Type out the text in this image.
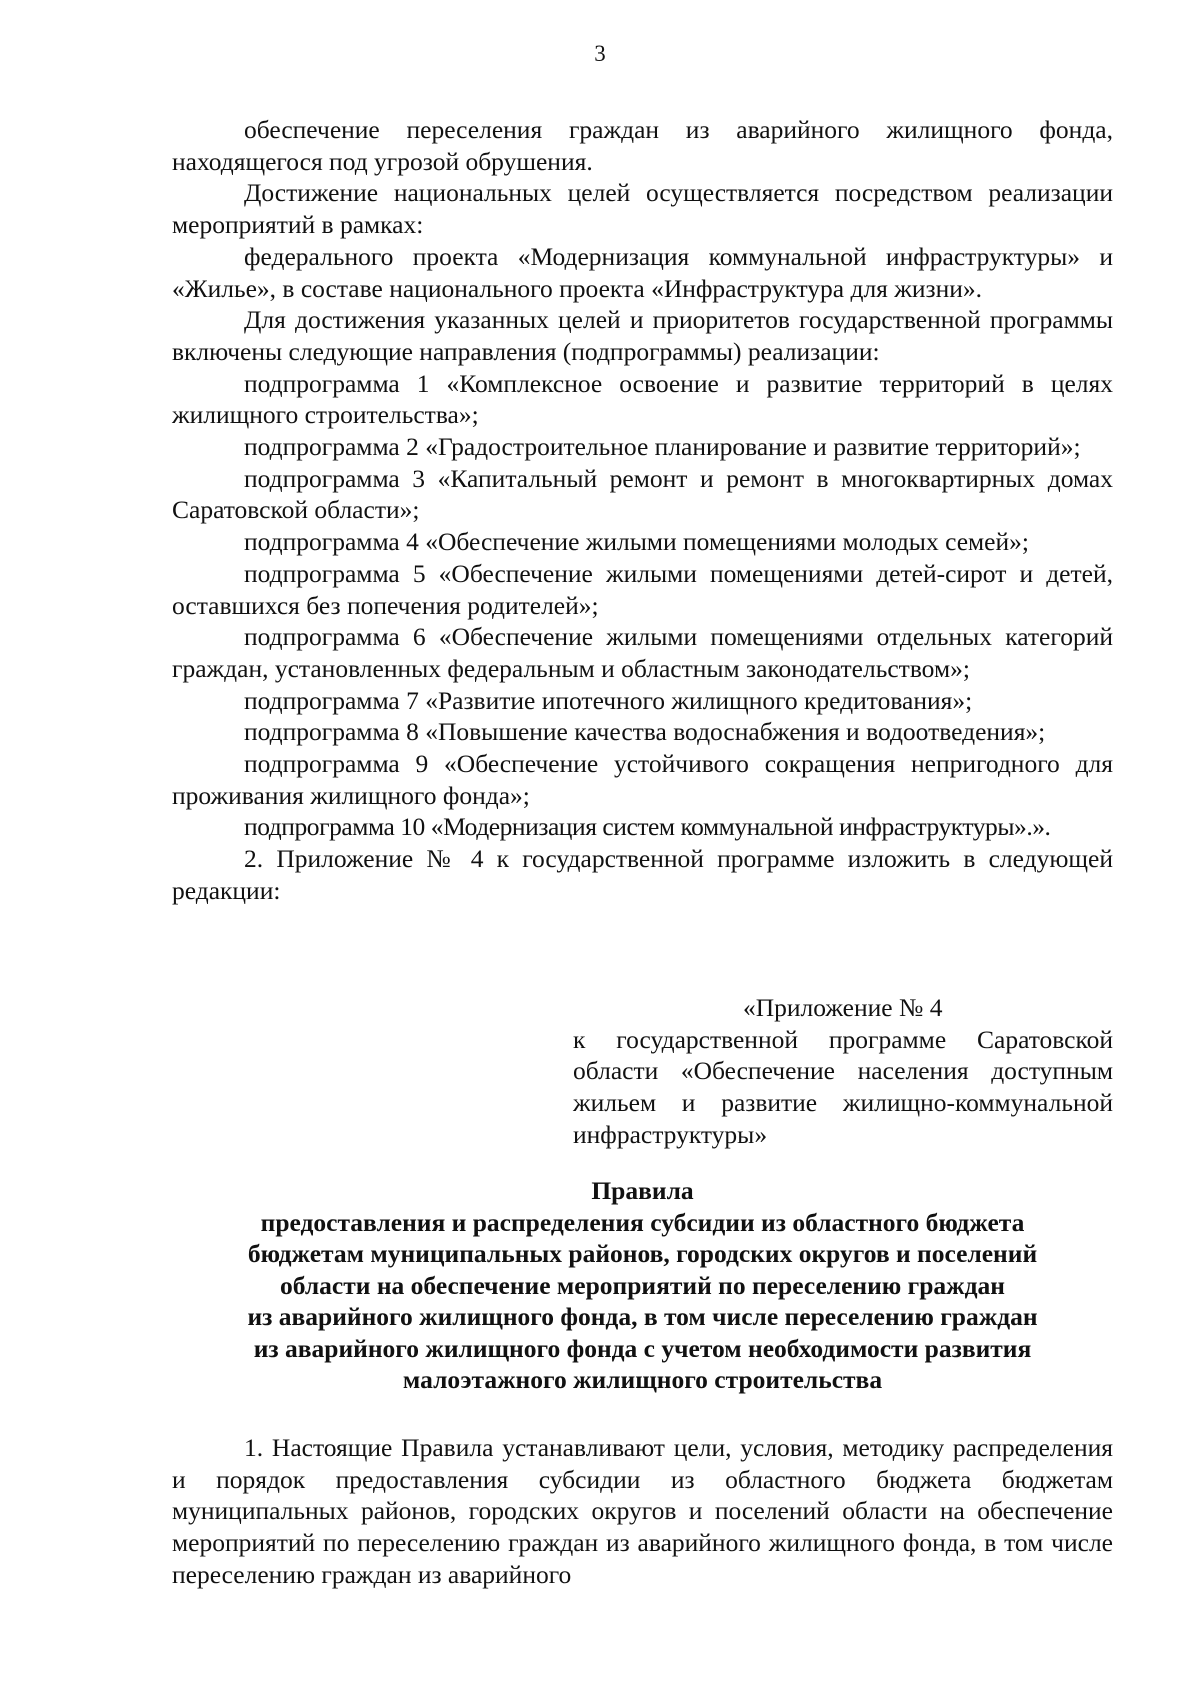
3

обеспечение переселения граждан из аварийного жилищного фонда, находящегося под угрозой обрушения.

Достижение национальных целей осуществляется посредством реализации мероприятий в рамках:

федерального проекта «Модернизация коммунальной инфраструктуры» и «Жилье», в составе национального проекта «Инфраструктура для жизни».

Для достижения указанных целей и приоритетов государственной программы включены следующие направления (подпрограммы) реализации:

подпрограмма 1 «Комплексное освоение и развитие территорий в целях жилищного строительства»;

подпрограмма 2 «Градостроительное планирование и развитие территорий»;

подпрограмма 3 «Капитальный ремонт и ремонт в многоквартирных домах Саратовской области»;

подпрограмма 4 «Обеспечение жилыми помещениями молодых семей»;

подпрограмма 5 «Обеспечение жилыми помещениями детей-сирот и детей, оставшихся без попечения родителей»;

подпрограмма 6 «Обеспечение жилыми помещениями отдельных категорий граждан, установленных федеральным и областным законодательством»;

подпрограмма 7 «Развитие ипотечного жилищного кредитования»;

подпрограмма 8 «Повышение качества водоснабжения и водоотведения»;

подпрограмма 9 «Обеспечение устойчивого сокращения непригодного для проживания жилищного фонда»;

подпрограмма 10 «Модернизация систем коммунальной инфраструктуры».».

2. Приложение № 4 к государственной программе изложить в следующей редакции:

«Приложение № 4

к государственной программе Саратовской области «Обеспечение населения доступным жильем и развитие жилищно-коммунальной инфраструктуры»

Правила
предоставления и распределения субсидии из областного бюджета
бюджетам муниципальных районов, городских округов и поселений
области на обеспечение мероприятий по переселению граждан
из аварийного жилищного фонда, в том числе переселению граждан
из аварийного жилищного фонда с учетом необходимости развития
малоэтажного жилищного строительства

1. Настоящие Правила устанавливают цели, условия, методику распределения и порядок предоставления субсидии из областного бюджета бюджетам муниципальных районов, городских округов и поселений области на обеспечение мероприятий по переселению граждан из аварийного жилищного фонда, в том числе переселению граждан из аварийного
